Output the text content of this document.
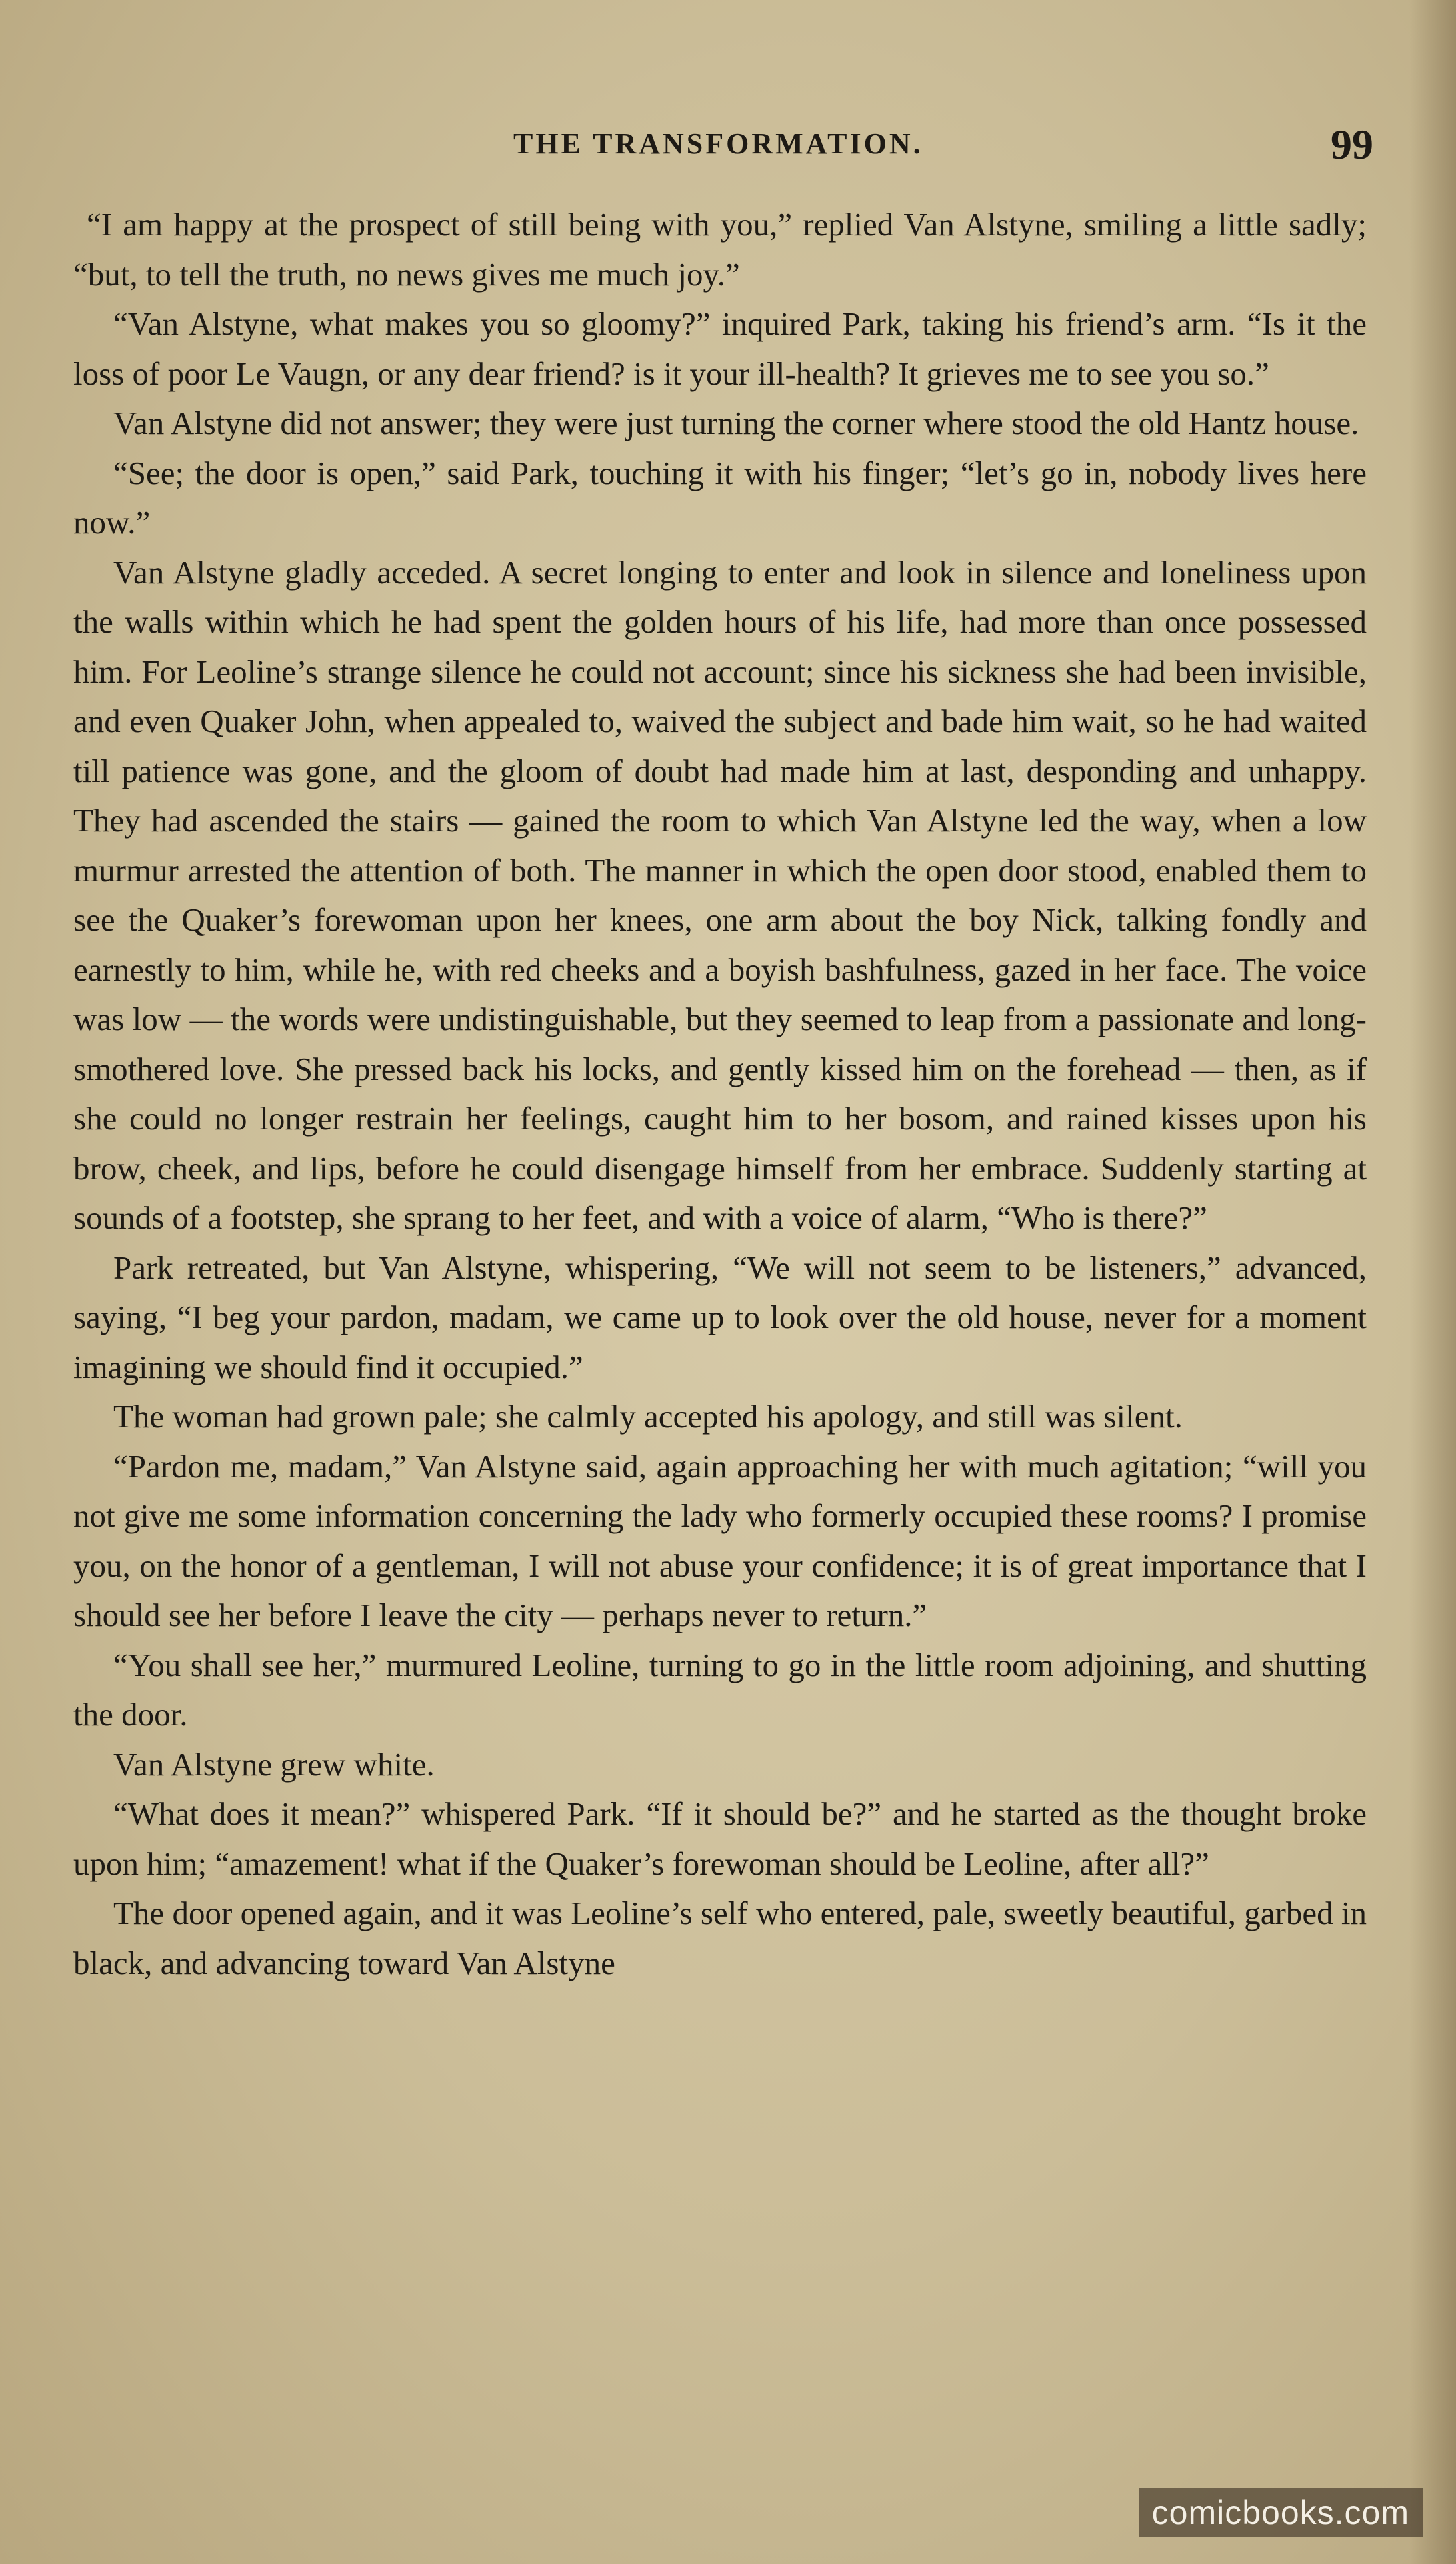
THE TRANSFORMATION.	99

“I am happy at the prospect of still being with you,” replied Van Alstyne, smiling a little sadly; “but, to tell the truth, no news gives me much joy.”

“Van Alstyne, what makes you so gloomy?” inquired Park, taking his friend’s arm. “Is it the loss of poor Le Vaugn, or any dear friend? is it your ill-health? It grieves me to see you so.”

Van Alstyne did not answer; they were just turning the corner where stood the old Hantz house.

“See; the door is open,” said Park, touching it with his finger; “let’s go in, nobody lives here now.”

Van Alstyne gladly acceded. A secret longing to enter and look in silence and loneliness upon the walls within which he had spent the golden hours of his life, had more than once possessed him. For Leoline’s strange silence he could not account; since his sickness she had been invisible, and even Quaker John, when appealed to, waived the subject and bade him wait, so he had waited till patience was gone, and the gloom of doubt had made him at last, desponding and unhappy. They had ascended the stairs — gained the room to which Van Alstyne led the way, when a low murmur arrested the attention of both. The manner in which the open door stood, enabled them to see the Quaker’s forewoman upon her knees, one arm about the boy Nick, talking fondly and earnestly to him, while he, with red cheeks and a boyish bashfulness, gazed in her face. The voice was low — the words were undistinguishable, but they seemed to leap from a passionate and long-smothered love. She pressed back his locks, and gently kissed him on the forehead — then, as if she could no longer restrain her feelings, caught him to her bosom, and rained kisses upon his brow, cheek, and lips, before he could disengage himself from her embrace. Suddenly starting at sounds of a footstep, she sprang to her feet, and with a voice of alarm, “Who is there?”

Park retreated, but Van Alstyne, whispering, “We will not seem to be listeners,” advanced, saying, “I beg your pardon, madam, we came up to look over the old house, never for a moment imagining we should find it occupied.”

The woman had grown pale; she calmly accepted his apology, and still was silent.

“Pardon me, madam,” Van Alstyne said, again approaching her with much agitation; “will you not give me some information concerning the lady who formerly occupied these rooms? I promise you, on the honor of a gentleman, I will not abuse your confidence; it is of great importance that I should see her before I leave the city — perhaps never to return.”

“You shall see her,” murmured Leoline, turning to go in the little room adjoining, and shutting the door.

Van Alstyne grew white.

“What does it mean?” whispered Park. “If it should be?” and he started as the thought broke upon him; “amazement! what if the Quaker’s forewoman should be Leoline, after all?”

The door opened again, and it was Leoline’s self who entered, pale, sweetly beautiful, garbed in black, and advancing toward Van Alstyne

comicbooks.com
